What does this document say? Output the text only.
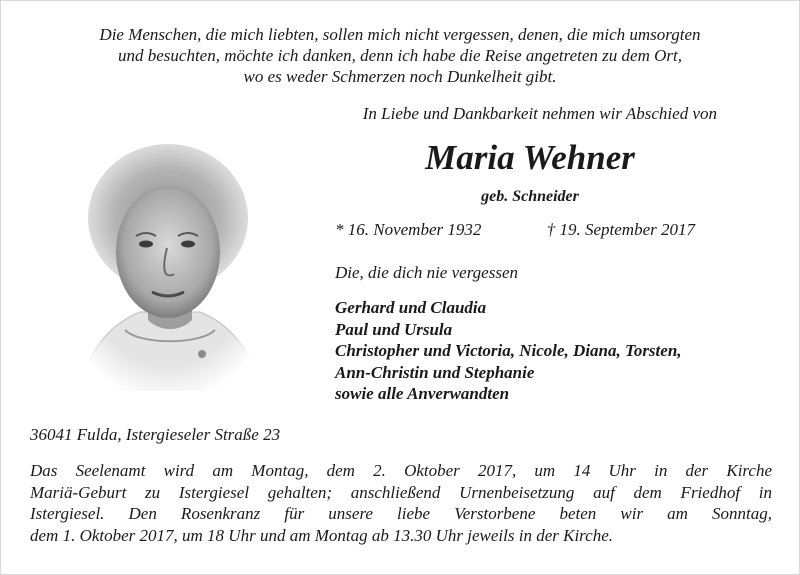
Die Menschen, die mich liebten, sollen mich nicht vergessen, denen, die mich umsorgten
und besuchten, möchte ich danken, denn ich habe die Reise angetreten zu dem Ort,
wo es weder Schmerzen noch Dunkelheit gibt.
In Liebe und Dankbarkeit nehmen wir Abschied von
Maria Wehner
geb. Schneider
* 16. November 1932	† 19. September 2017
Die, die dich nie vergessen
Gerhard und Claudia
Paul und Ursula
Christopher und Victoria, Nicole, Diana, Torsten,
Ann-Christin und Stephanie
sowie alle Anverwandten
36041 Fulda, Istergieseler Straße 23
Das Seelenamt wird am Montag, dem 2. Oktober 2017, um 14 Uhr in der Kirche
Mariä-Geburt zu Istergiesel gehalten; anschließend Urnenbeisetzung auf dem Friedhof in
Istergiesel. Den Rosenkranz für unsere liebe Verstorbene beten wir am Sonntag,
dem 1. Oktober 2017, um 18 Uhr und am Montag ab 13.30 Uhr jeweils in der Kirche.
